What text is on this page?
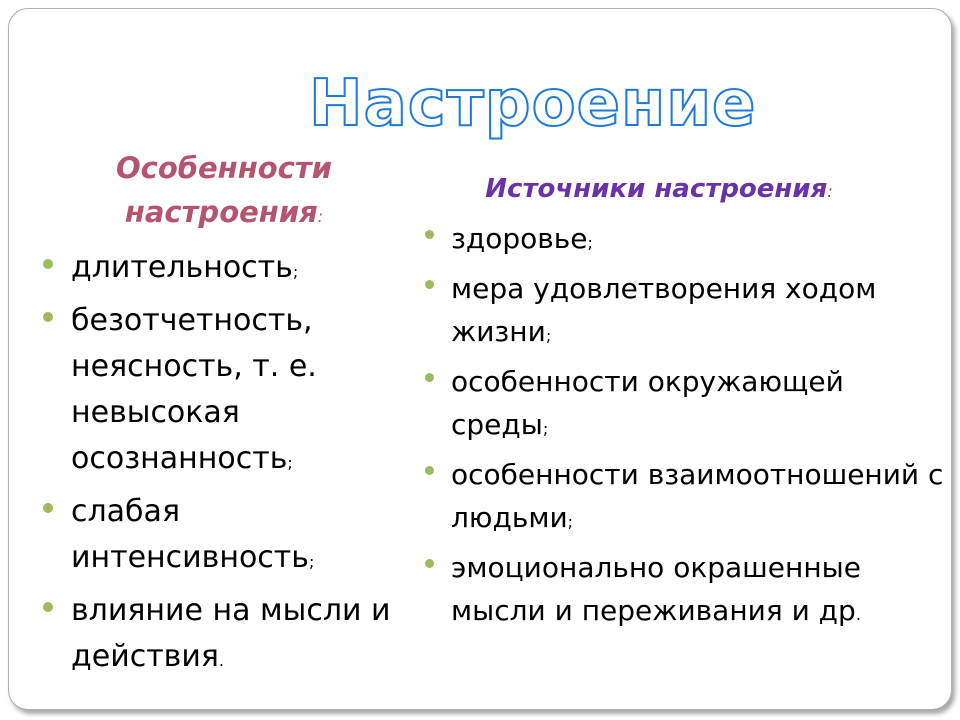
Настроение
Особенности
настроения:
Источники настроения:
длительность;
безотчетность, неясность, т. е. невысокая осознанность;
слабая интенсивность;
влияние на мысли и действия.
здоровье;
мера удовлетворения ходом жизни;
особенности окружающей среды;
особенности взаимоотношений с людьми;
эмоционально окрашенные мысли и переживания и др.
